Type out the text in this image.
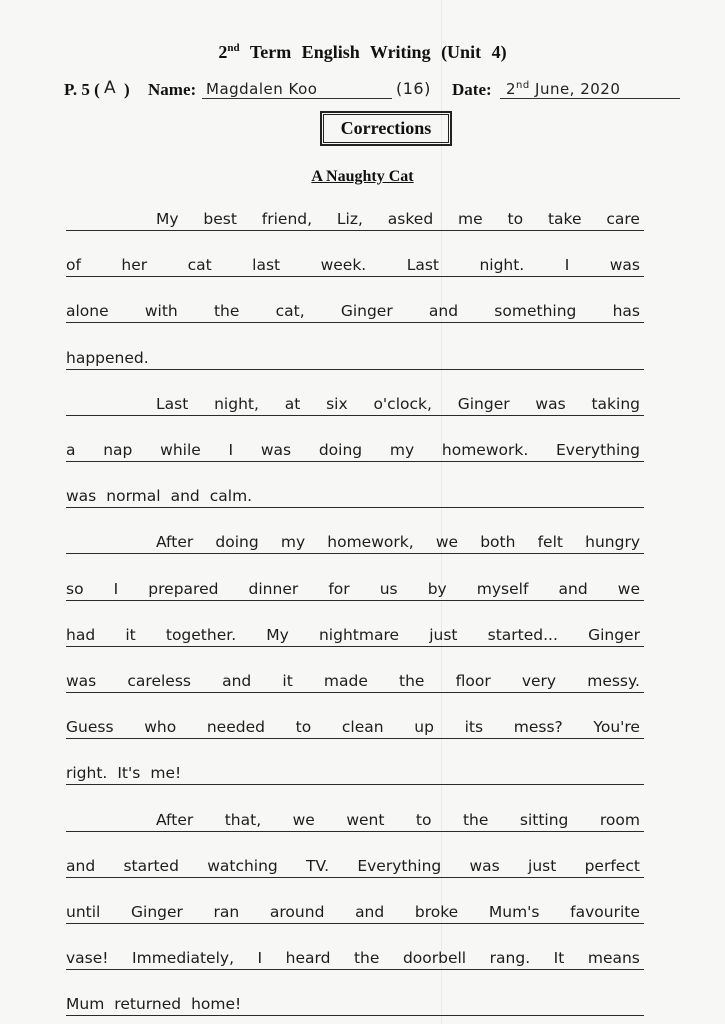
2nd Term English Writing (Unit 4)
P. 5 ( A ) Name: Magdalen Koo	(16) Date: 2nd June, 2020
Corrections
A Naughty Cat
My best friend, Liz, asked me to take care
of	her	cat	last	week.	Last	night.	I	was
alone with the cat, Ginger and something has
happened.
Last night, at six o'clock, Ginger was taking
a nap while I was doing my homework. Everything
was normal and calm.
After doing my homework, we both felt hungry
so I prepared dinner for us by myself and we
had it together. My nightmare just started... Ginger
was careless and it made the floor very messy.
Guess who needed to clean up its mess? You're
right. It's me!
After that, we went to the sitting room
and started watching TV. Everything was just perfect
until Ginger ran around and broke Mum's favourite
vase! Immediately, I heard the doorbell rang. It means
Mum returned home!
